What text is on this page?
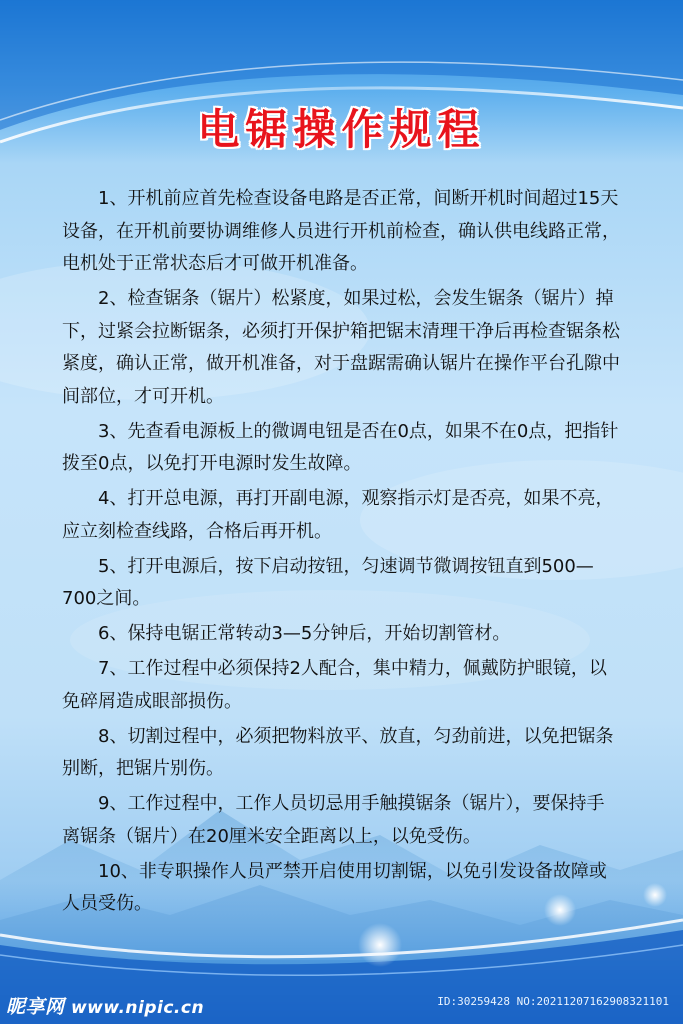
电锯操作规程

1、开机前应首先检查设备电路是否正常，间断开机时间超过15天设备，在开机前要协调维修人员进行开机前检查，确认供电线路正常，电机处于正常状态后才可做开机准备。

2、检查锯条（锯片）松紧度，如果过松，会发生锯条（锯片）掉下，过紧会拉断锯条，必须打开保护箱把锯末清理干净后再检查锯条松紧度，确认正常，做开机准备，对于盘踞需确认锯片在操作平台孔隙中间部位，才可开机。

3、先查看电源板上的微调电钮是否在0点，如果不在0点，把指针拨至0点，以免打开电源时发生故障。

4、打开总电源，再打开副电源，观察指示灯是否亮，如果不亮，应立刻检查线路，合格后再开机。

5、打开电源后，按下启动按钮，匀速调节微调按钮直到500—700之间。

6、保持电锯正常转动3—5分钟后，开始切割管材。

7、工作过程中必须保持2人配合，集中精力，佩戴防护眼镜，以免碎屑造成眼部损伤。

8、切割过程中，必须把物料放平、放直，匀劲前进，以免把锯条别断，把锯片别伤。

9、工作过程中，工作人员切忌用手触摸锯条（锯片），要保持手离锯条（锯片）在20厘米安全距离以上，以免受伤。

10、非专职操作人员严禁开启使用切割锯，以免引发设备故障或人员受伤。

昵享网 www.nipic.cn	ID:30259428 NO:20211207162908321101
